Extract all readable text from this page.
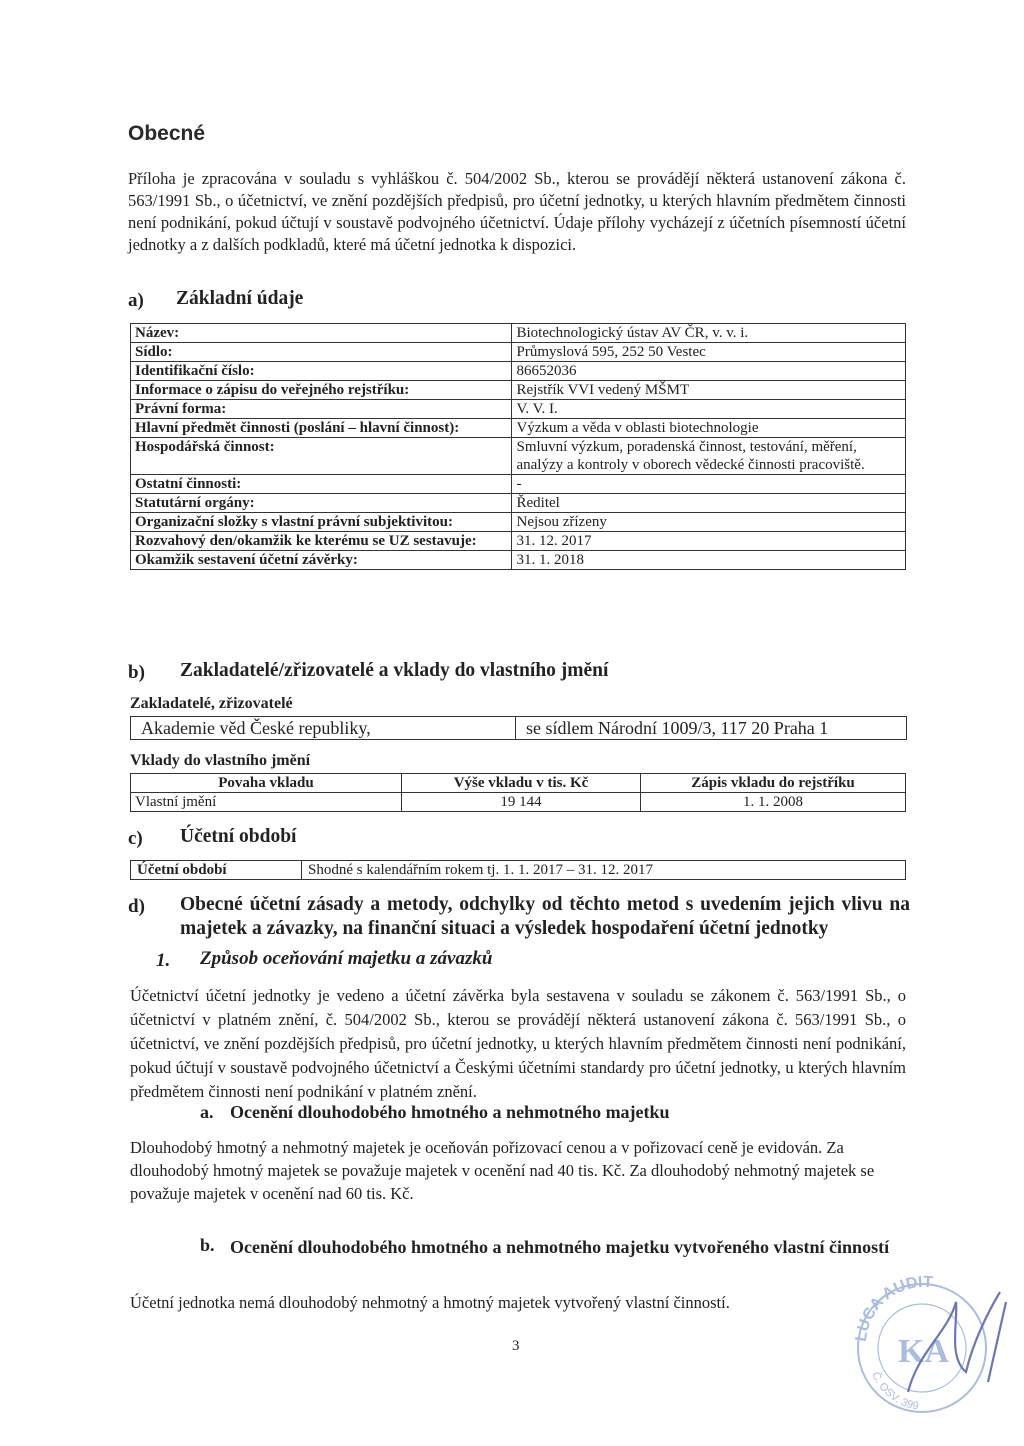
Obecné
Příloha je zpracována v souladu s vyhláškou č. 504/2002 Sb., kterou se provádějí některá ustanovení zákona č. 563/1991 Sb., o účetnictví, ve znění pozdějších předpisů, pro účetní jednotky, u kterých hlavním předmětem činnosti není podnikání, pokud účtují v soustavě podvojného účetnictví. Údaje přílohy vycházejí z účetních písemností účetní jednotky a z dalších podkladů, které má účetní jednotka k dispozici.
a) Základní údaje
Název:	Biotechnologický ústav AV ČR, v. v. i.
Sídlo:	Průmyslová 595, 252 50 Vestec
Identifikační číslo:	86652036
Informace o zápisu do veřejného rejstříku:	Rejstřík VVI vedený MŠMT
Právní forma:	V. V. I.
Hlavní předmět činnosti (poslání – hlavní činnost):	Výzkum a věda v oblasti biotechnologie
Hospodářská činnost:	Smluvní výzkum, poradenská činnost, testování, měření, analýzy a kontroly v oborech vědecké činnosti pracoviště.
Ostatní činnosti:	-
Statutární orgány:	Ředitel
Organizační složky s vlastní právní subjektivitou:	Nejsou zřízeny
Rozvahový den/okamžik ke kterému se UZ sestavuje:	31. 12. 2017
Okamžik sestavení účetní závěrky:	31. 1. 2018
b) Zakladatelé/zřizovatelé a vklady do vlastního jmění
Zakladatelé, zřizovatelé
Akademie věd České republiky,	se sídlem Národní 1009/3, 117 20 Praha 1
Vklady do vlastního jmění
Povaha vkladu	Výše vkladu v tis. Kč	Zápis vkladu do rejstříku
Vlastní jmění	19 144	1. 1. 2008
c) Účetní období
Účetní období	Shodné s kalendářním rokem tj. 1. 1. 2017 – 31. 12. 2017
d) Obecné účetní zásady a metody, odchylky od těchto metod s uvedením jejich vlivu na majetek a závazky, na finanční situaci a výsledek hospodaření účetní jednotky
1. Způsob oceňování majetku a závazků
Účetnictví účetní jednotky je vedeno a účetní závěrka byla sestavena v souladu se zákonem č. 563/1991 Sb., o účetnictví v platném znění, č. 504/2002 Sb., kterou se provádějí některá ustanovení zákona č. 563/1991 Sb., o účetnictví, ve znění pozdějších předpisů, pro účetní jednotky, u kterých hlavním předmětem činnosti není podnikání, pokud účtují v soustavě podvojného účetnictví a Českými účetními standardy pro účetní jednotky, u kterých hlavním předmětem činnosti není podnikání v platném znění.
a. Ocenění dlouhodobého hmotného a nehmotného majetku
Dlouhodobý hmotný a nehmotný majetek je oceňován pořizovací cenou a v pořizovací ceně je evidován. Za dlouhodobý hmotný majetek se považuje majetek v ocenění nad 40 tis. Kč. Za dlouhodobý nehmotný majetek se považuje majetek v ocenění nad 60 tis. Kč.
b. Ocenění dlouhodobého hmotného a nehmotného majetku vytvořeného vlastní činností
Účetní jednotka nemá dlouhodobý nehmotný a hmotný majetek vytvořený vlastní činností.
3
LUCA AUDIT
KA
Č. OSV. 399
